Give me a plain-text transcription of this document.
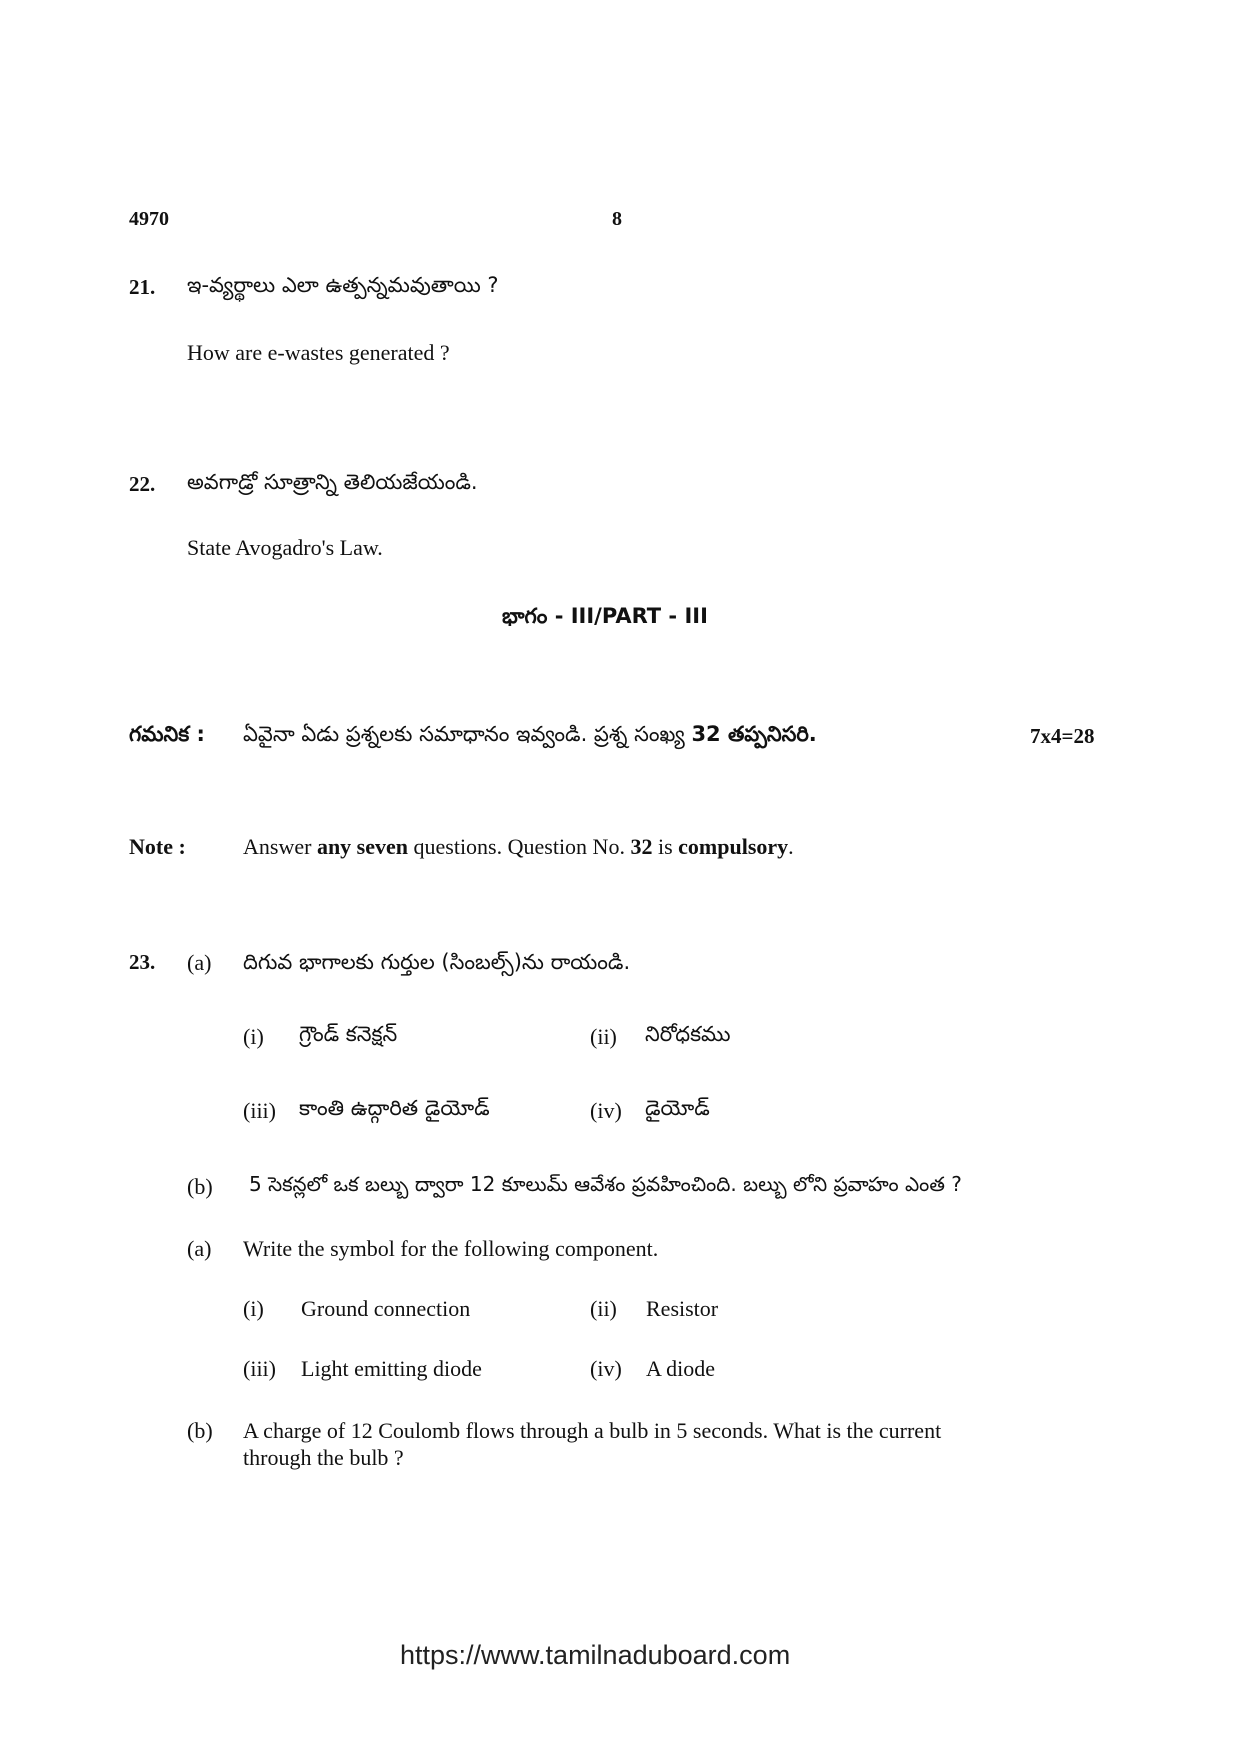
4970	8
21. ఇ-వ్యర్థాలు ఎలా ఉత్పన్నమవుతాయి ?
How are e-wastes generated ?
22. అవగాడ్రో సూత్రాన్ని తెలియజేయండి.
State Avogadro's Law.
భాగం - III/PART - III
గమనిక : ఏవైనా ఏడు ప్రశ్నలకు సమాధానం ఇవ్వండి. ప్రశ్న సంఖ్య 32 తప్పనిసరి.	7x4=28
Note :	Answer any seven questions. Question No. 32 is compulsory.
23. (a) దిగువ భాగాలకు గుర్తుల (సింబల్స్)ను రాయండి.
(i) గ్రౌండ్ కనెక్షన్	(ii) నిరోధకము
(iii) కాంతి ఉద్గారిత డైయోడ్	(iv) డైయోడ్
(b) 5 సెకన్లలో ఒక బల్బు ద్వారా 12 కూలుమ్ ఆవేశం ప్రవహించింది. బల్బు లోని ప్రవాహం ఎంత ?
(a) Write the symbol for the following component.
(i) Ground connection	(ii) Resistor
(iii) Light emitting diode	(iv) A diode
(b) A charge of 12 Coulomb flows through a bulb in 5 seconds. What is the current
through the bulb ?
https://www.tamilnaduboard.com
